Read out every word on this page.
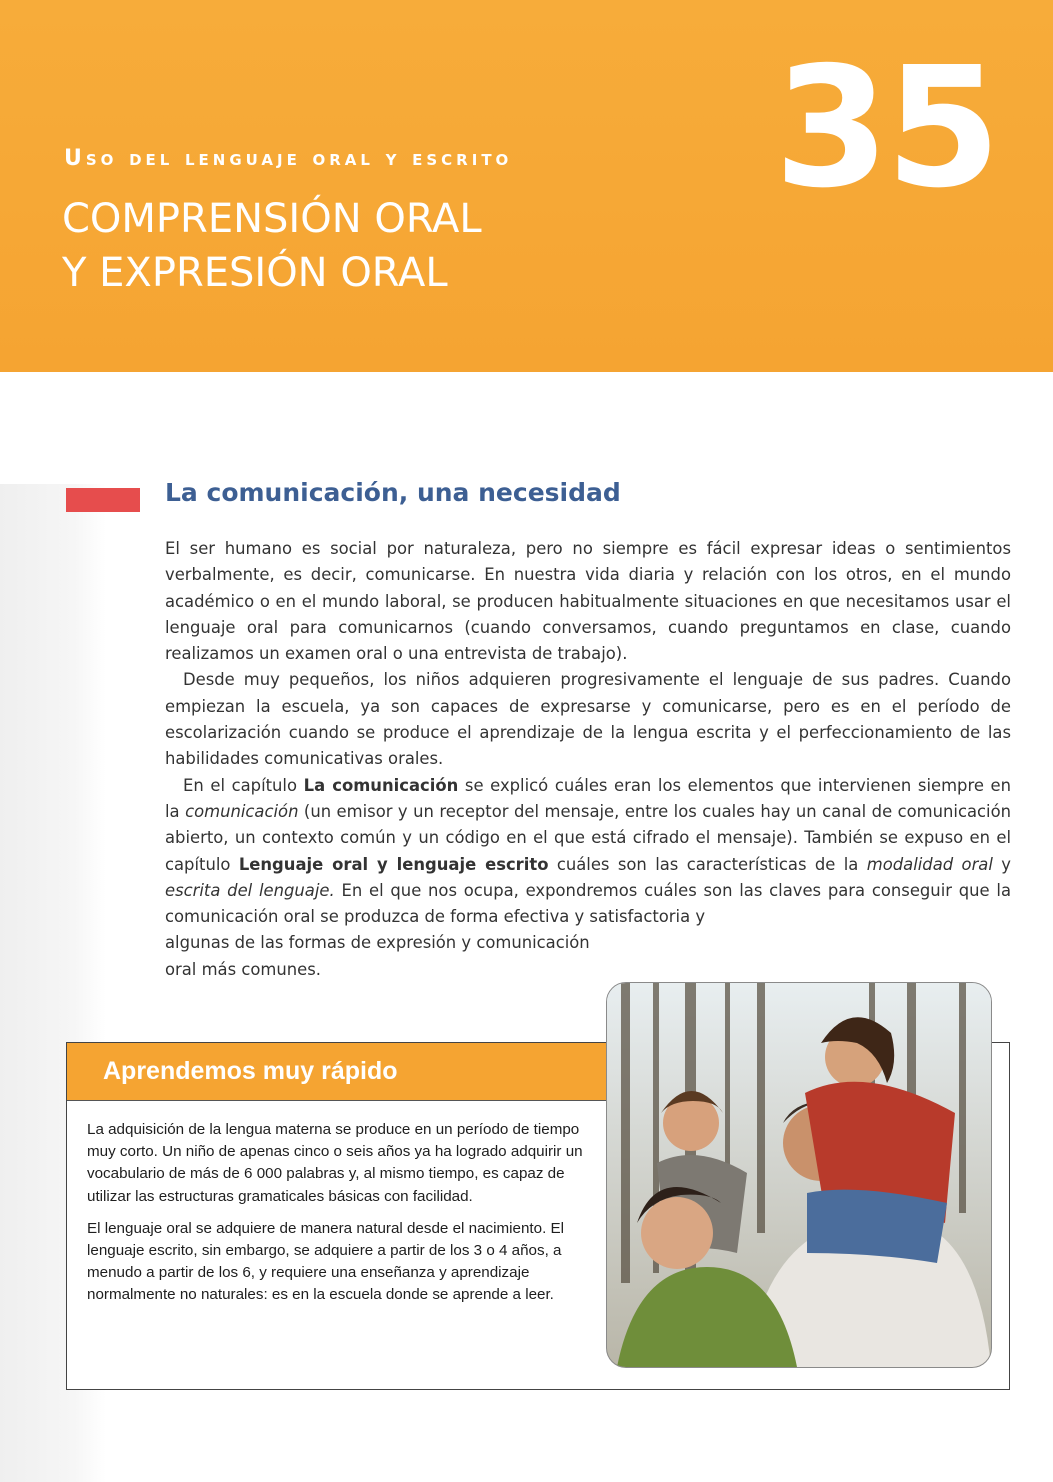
35
Uso del lenguaje oral y escrito
COMPRENSIÓN ORAL
Y EXPRESIÓN ORAL
La comunicación, una necesidad

El ser humano es social por naturaleza, pero no siempre es fácil expresar ideas o sentimientos verbalmente, es decir, comunicarse. En nuestra vida diaria y relación con los otros, en el mundo académico o en el mundo laboral, se producen habitualmente situaciones en que necesitamos usar el lenguaje oral para comunicarnos (cuando conversamos, cuando preguntamos en clase, cuando realizamos un examen oral o una entrevista de trabajo).

Desde muy pequeños, los niños adquieren progresivamente el lenguaje de sus padres. Cuando empiezan la escuela, ya son capaces de expresarse y comunicarse, pero es en el período de escolarización cuando se produce el aprendizaje de la lengua escrita y el perfeccionamiento de las habilidades comunicativas orales.

En el capítulo La comunicación se explicó cuáles eran los elementos que intervienen siempre en la comunicación (un emisor y un receptor del mensaje, entre los cuales hay un canal de comunicación abierto, un contexto común y un código en el que está cifrado el mensaje). También se expuso en el capítulo Lenguaje oral y lenguaje escrito cuáles son las características de la modalidad oral y escrita del lenguaje. En el que nos ocupa, expondremos cuáles son las claves para conseguir que la comunicación oral se produzca de forma efectiva y satisfactoria y

algunas de las formas de expresión y comunicación oral más comunes.

Aprendemos muy rápido

La adquisición de la lengua materna se produce en un período de tiempo muy corto. Un niño de apenas cinco o seis años ya ha logrado adquirir un vocabulario de más de 6 000 palabras y, al mismo tiempo, es capaz de utilizar las estructuras gramaticales básicas con facilidad.

El lenguaje oral se adquiere de manera natural desde el nacimiento. El lenguaje escrito, sin embargo, se adquiere a partir de los 3 o 4 años, a menudo a partir de los 6, y requiere una enseñanza y aprendizaje normalmente no naturales: es en la escuela donde se aprende a leer.
